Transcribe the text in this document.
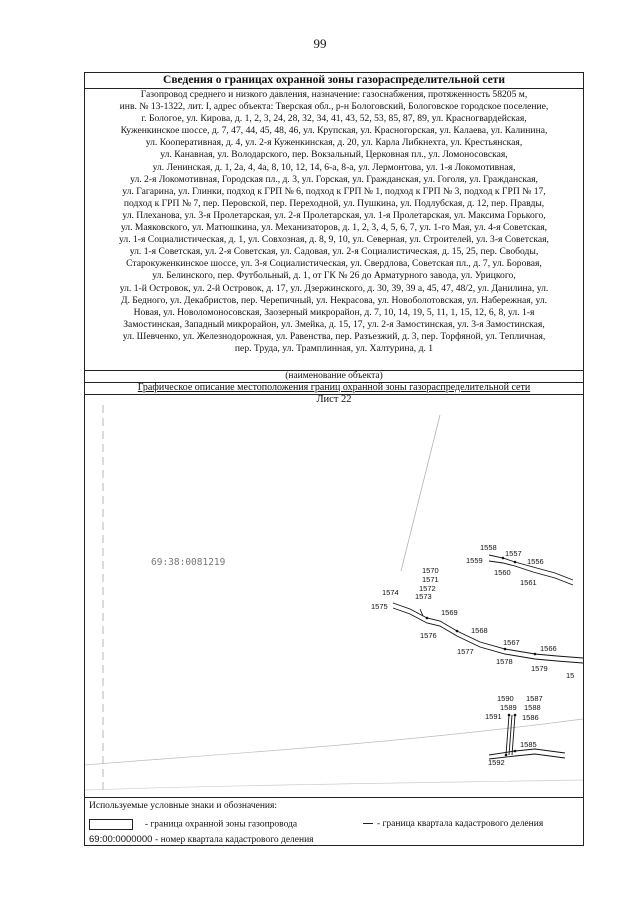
99
Сведения о границах охранной зоны газораспределительной сети
Газопровод среднего и низкого давления, назначение: газоснабжения, протяженность 58205 м,
инв. № 13-1322, лит. I, адрес объекта: Тверская обл., р-н Бологовский, Бологовское городское поселение,
г. Бологое, ул. Кирова, д. 1, 2, 3, 24, 28, 32, 34, 41, 43, 52, 53, 85, 87, 89, ул. Красногвардейская,
Куженкинское шоссе, д. 7, 47, 44, 45, 48, 46, ул. Крупская, ул. Красногорская, ул. Калаева, ул. Калинина,
ул. Кооперативная, д. 4, ул. 2-я Куженкинская, д. 20, ул. Карла Либкнехта, ул. Крестьянская,
ул. Канавная, ул. Володарского, пер. Вокзальный, Церковная пл., ул. Ломоносовская,
ул. Ленинская, д. 1, 2а, 4, 4а, 8, 10, 12, 14, 6-а, 8-а, ул. Лермонтова, ул. 1-я Локомотивная,
ул. 2-я Локомотивная, Городская пл., д. 3, ул. Горская, ул. Гражданская, ул. Гоголя, ул. Гражданская,
ул. Гагарина, ул. Глинки, подход к ГРП № 6, подход к ГРП № 1, подход к ГРП № 3, подход к ГРП № 17,
подход к ГРП № 7, пер. Перовской, пер. Переходной, ул. Пушкина, ул. Подлубская, д. 12, пер. Правды,
ул. Плеханова, ул. 3-я Пролетарская, ул. 2-я Пролетарская, ул. 1-я Пролетарская, ул. Максима Горького,
ул. Маяковского, ул. Матюшкина, ул. Механизаторов, д. 1, 2, 3, 4, 5, 6, 7, ул. 1-го Мая, ул. 4-я Советская,
ул. 1-я Социалистическая, д. 1, ул. Совхозная, д. 8, 9, 10, ул. Северная, ул. Строителей, ул. 3-я Советская,
ул. 1-я Советская, ул. 2-я Советская, ул. Садовая, ул. 2-я Социалистическая, д. 15, 25, пер. Свободы,
Старокуженкинское шоссе, ул. 3-я Социалистическая, ул. Свердлова, Советская пл., д. 7, ул. Боровая,
ул. Белинского, пер. Футбольный, д. 1, от ГК № 26 до Арматурного завода, ул. Урицкого,
ул. 1-й Островок, ул. 2-й Островок, д. 17, ул. Дзержинского, д. 30, 39, 39 а, 45, 47, 48/2, ул. Данилина, ул.
Д. Бедного, ул. Декабристов, пер. Черепичный, ул. Некрасова, ул. Новоболотовская, ул. Набережная, ул.
Новая, ул. Новоломоносовская, Заозерный микрорайон, д. 7, 10, 14, 19, 5, 11, 1, 15, 12, 6, 8, ул. 1-я
Замостинская, Западный микрорайон, ул. Змейка, д. 15, 17, ул. 2-я Замостинская, ул. 3-я Замостинская,
ул. Шевченко, ул. Железнодорожная, ул. Равенства, пер. Разъезжий, д. 3, пер. Торфяной, ул. Тепличная,
пер. Труда, ул. Трамплинная, ул. Халтурина, д. 1
(наименование объекта)
Графическое описание местоположения границ охранной зоны газораспределительной сети
Лист 22
69:38:0081219
1558
1557
1559	1556
1560
1561
1570
1571
1572
1573
1574
1575
1569
1568
1576
1567
1566
1577
1578
1579
15
1590 1587
1589 1588
1591	1586
1585
1592
Используемые условные знаки и обозначения:
- граница охранной зоны газопровода	- граница квартала кадастрового деления
69:00:0000000 - номер квартала кадастрового деления
